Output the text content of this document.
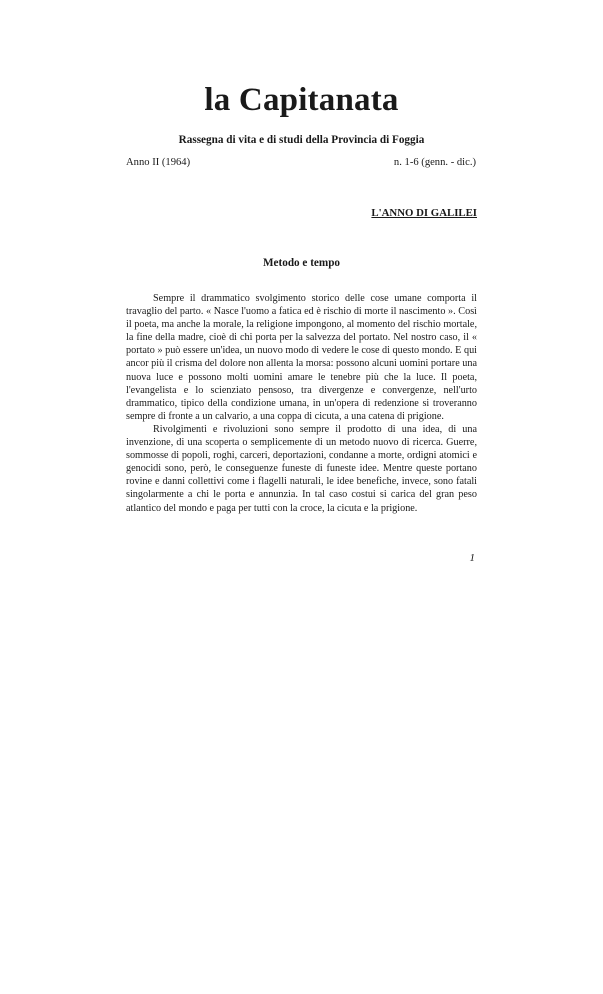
la Capitanata
Rassegna di vita e di studi della Provincia di Foggia
Anno II (1964)	n. 1-6 (genn. - dic.)
L'ANNO DI GALILEI
Metodo e tempo

Sempre il drammatico svolgimento storico delle cose umane comporta il travaglio del parto. « Nasce l'uomo a fatica ed è rischio di morte il nascimento ». Così il poeta, ma anche la morale, la religione impongono, al momento del rischio mortale, la fine della madre, cioè di chi porta per la salvezza del portato. Nel nostro caso, il « portato » può essere un'idea, un nuovo modo di vedere le cose di questo mondo. E qui ancor più il crisma del dolore non allenta la morsa: possono alcuni uomini portare una nuova luce e possono molti uomini amare le tenebre più che la luce. Il poeta, l'evangelista e lo scienziato pensoso, tra divergenze e convergenze, nell'urto drammatico, tipico della condizione umana, in un'opera di redenzione si troveranno sempre di fronte a un calvario, a una coppa di cicuta, a una catena di prigione.

Rivolgimenti e rivoluzioni sono sempre il prodotto di una idea, di una invenzione, di una scoperta o semplicemente di un metodo nuovo di ricerca. Guerre, sommosse di popoli, roghi, carceri, deportazioni, condanne a morte, ordigni atomici e genocidi sono, però, le conseguenze funeste di funeste idee. Mentre queste portano rovine e danni collettivi come i flagelli naturali, le idee benefiche, invece, sono fatali singolarmente a chi le porta e annunzia. In tal caso costui si carica del gran peso atlantico del mondo e paga per tutti con la croce, la cicuta e la prigione.

1
